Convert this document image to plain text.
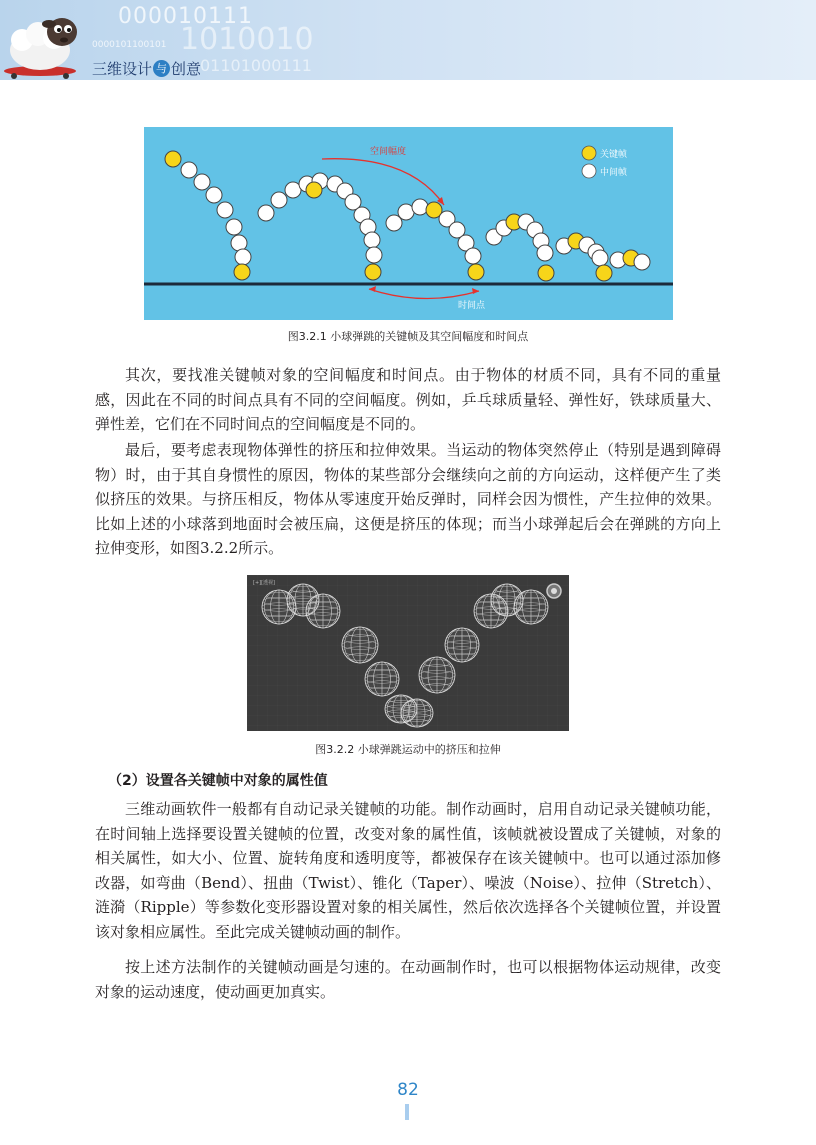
000010111
0000101100101 1010010
01101000111
三维设计 与 创意
空间幅度
时间点
关键帧
中间帧
图3.2.1 小球弹跳的关键帧及其空间幅度和时间点

其次，要找准关键帧对象的空间幅度和时间点。由于物体的材质不同，具有不同的重量感，因此在不同的时间点具有不同的空间幅度。例如，乒乓球质量轻、弹性好，铁球质量大、弹性差，它们在不同时间点的空间幅度是不同的。

最后，要考虑表现物体弹性的挤压和拉伸效果。当运动的物体突然停止（特别是遇到障碍物）时，由于其自身惯性的原因，物体的某些部分会继续向之前的方向运动，这样便产生了类似挤压的效果。与挤压相反，物体从零速度开始反弹时，同样会因为惯性，产生拉伸的效果。比如上述的小球落到地面时会被压扁，这便是挤压的体现；而当小球弹起后会在弹跳的方向上拉伸变形，如图3.2.2所示。

[+][透视]
图3.2.2 小球弹跳运动中的挤压和拉伸
（2）设置各关键帧中对象的属性值

三维动画软件一般都有自动记录关键帧的功能。制作动画时，启用自动记录关键帧功能，在时间轴上选择要设置关键帧的位置，改变对象的属性值，该帧就被设置成了关键帧，对象的相关属性，如大小、位置、旋转角度和透明度等，都被保存在该关键帧中。也可以通过添加修改器，如弯曲（Bend）、扭曲（Twist）、锥化（Taper）、噪波（Noise）、拉伸（Stretch）、涟漪（Ripple）等参数化变形器设置对象的相关属性，然后依次选择各个关键帧位置，并设置该对象相应属性。至此完成关键帧动画的制作。

按上述方法制作的关键帧动画是匀速的。在动画制作时，也可以根据物体运动规律，改变对象的运动速度，使动画更加真实。

82
